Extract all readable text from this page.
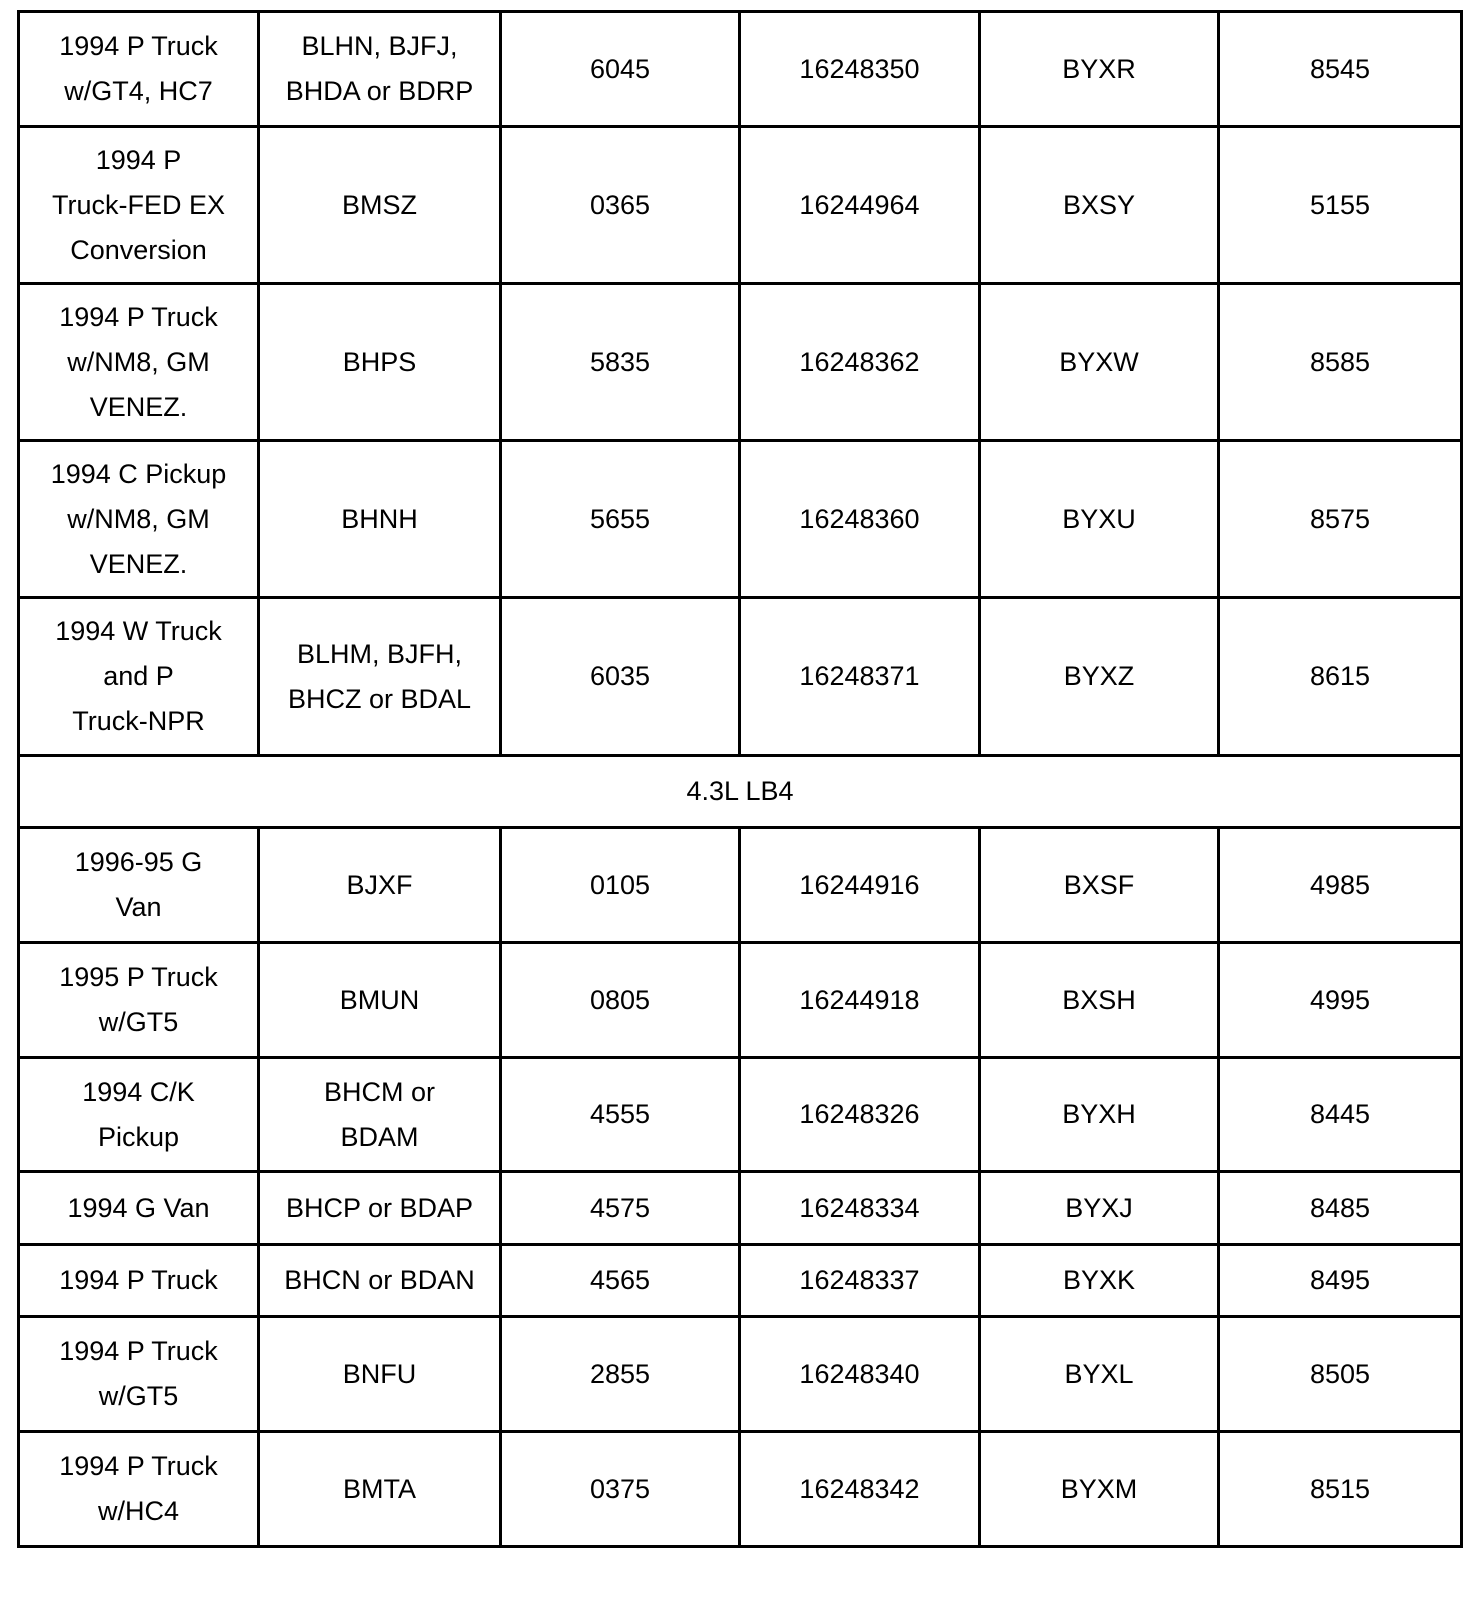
1994 P Truck
w/GT4, HC7	BLHN, BJFJ,
BHDA or BDRP	6045	16248350	BYXR	8545
1994 P
Truck-FED EX
Conversion	BMSZ	0365	16244964	BXSY	5155
1994 P Truck
w/NM8, GM
VENEZ.	BHPS	5835	16248362	BYXW	8585
1994 C Pickup
w/NM8, GM
VENEZ.	BHNH	5655	16248360	BYXU	8575
1994 W Truck
and P
Truck-NPR	BLHM, BJFH,
BHCZ or BDAL	6035	16248371	BYXZ	8615
4.3L LB4					
1996-95 G
Van	BJXF	0105	16244916	BXSF	4985
1995 P Truck
w/GT5	BMUN	0805	16244918	BXSH	4995
1994 C/K
Pickup	BHCM or
BDAM	4555	16248326	BYXH	8445
1994 G Van	BHCP or BDAP	4575	16248334	BYXJ	8485
1994 P Truck	BHCN or BDAN	4565	16248337	BYXK	8495
1994 P Truck
w/GT5	BNFU	2855	16248340	BYXL	8505
1994 P Truck
w/HC4	BMTA	0375	16248342	BYXM	8515
